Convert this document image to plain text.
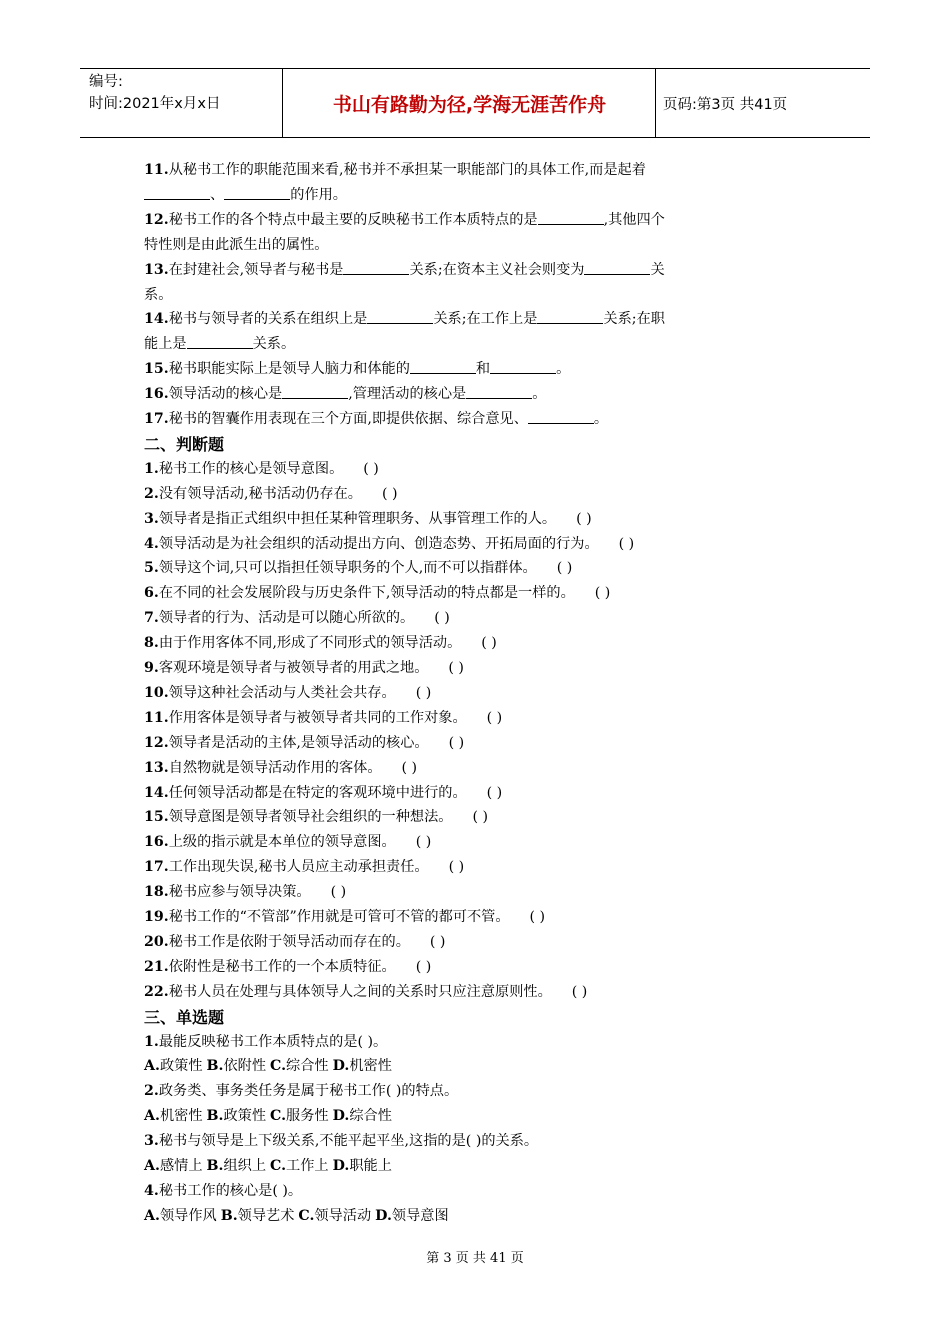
编号:
时间:2021年x月x日	书山有路勤为径,学海无涯苦作舟	页码:第3页 共41页
11.从秘书工作的职能范围来看,秘书并不承担某一职能部门的具体工作,而是起着
、	的作用。
12.秘书工作的各个特点中最主要的反映秘书工作本质特点的是	,其他四个
特性则是由此派生出的属性。
13.在封建社会,领导者与秘书是	关系;在资本主义社会则变为	关
系。
14.秘书与领导者的关系在组织上是	关系;在工作上是	关系;在职
能上是	关系。
15.秘书职能实际上是领导人脑力和体能的	和	。
16.领导活动的核心是	,管理活动的核心是	。
17.秘书的智囊作用表现在三个方面,即提供依据、综合意见、	。
二、判断题
1.秘书工作的核心是领导意图。 ( )
2.没有领导活动,秘书活动仍存在。 ( )
3.领导者是指正式组织中担任某种管理职务、从事管理工作的人。 ( )
4.领导活动是为社会组织的活动提出方向、创造态势、开拓局面的行为。 ( )
5.领导这个词,只可以指担任领导职务的个人,而不可以指群体。 ( )
6.在不同的社会发展阶段与历史条件下,领导活动的特点都是一样的。 ( )
7.领导者的行为、活动是可以随心所欲的。 ( )
8.由于作用客体不同,形成了不同形式的领导活动。 ( )
9.客观环境是领导者与被领导者的用武之地。 ( )
10.领导这种社会活动与人类社会共存。 ( )
11.作用客体是领导者与被领导者共同的工作对象。 ( )
12.领导者是活动的主体,是领导活动的核心。 ( )
13.自然物就是领导活动作用的客体。 ( )
14.任何领导活动都是在特定的客观环境中进行的。 ( )
15.领导意图是领导者领导社会组织的一种想法。 ( )
16.上级的指示就是本单位的领导意图。 ( )
17.工作出现失误,秘书人员应主动承担责任。 ( )
18.秘书应参与领导决策。 ( )
19.秘书工作的“不管部”作用就是可管可不管的都可不管。 ( )
20.秘书工作是依附于领导活动而存在的。 ( )
21.依附性是秘书工作的一个本质特征。 ( )
22.秘书人员在处理与具体领导人之间的关系时只应注意原则性。 ( )
三、单选题
1.最能反映秘书工作本质特点的是( )。
A.政策性 B.依附性 C.综合性 D.机密性
2.政务类、事务类任务是属于秘书工作( )的特点。
A.机密性 B.政策性 C.服务性 D.综合性
3.秘书与领导是上下级关系,不能平起平坐,这指的是( )的关系。
A.感情上 B.组织上 C.工作上 D.职能上
4.秘书工作的核心是( )。
A.领导作风 B.领导艺术 C.领导活动 D.领导意图
第 3 页 共 41 页
